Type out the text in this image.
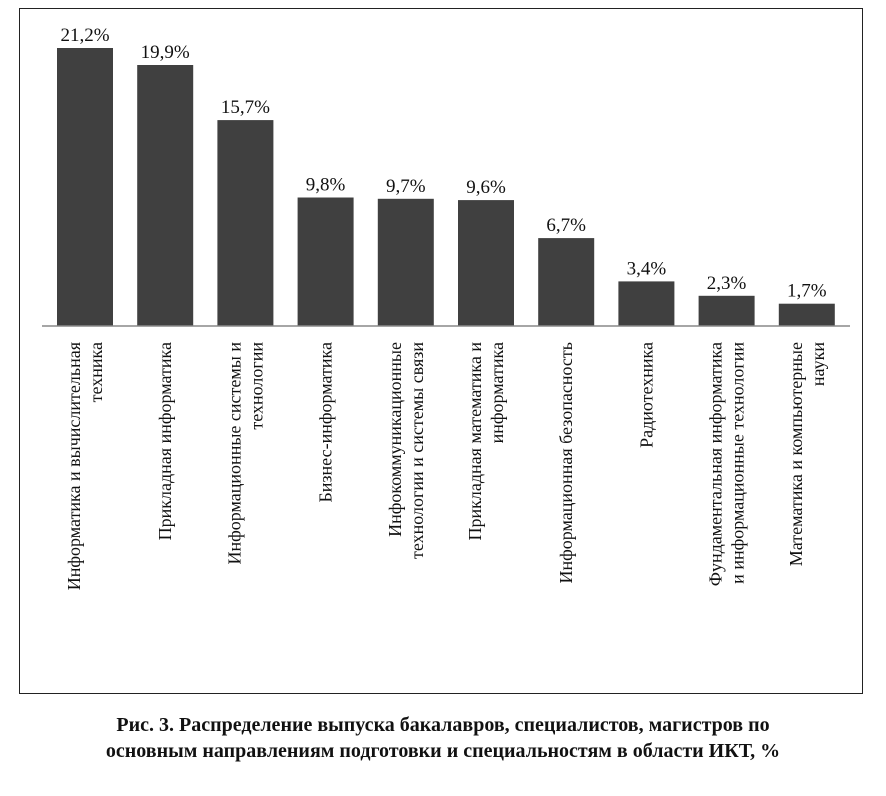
21,2%
Информатика и вычислительная техника
19,9%
Прикладная информатика
15,7%
Информационные системы и технологии
9,8%
Бизнес-информатика
9,7%
Инфокоммуникационные технологии и системы связи
9,6%
Прикладная математика и информатика
6,7%
Информационная безопасность
3,4%
Радиотехника
2,3%
Фундаментальная информатика и информационные технологии
1,7%
Математика и компьютерные науки
Рис. 3. Распределение выпуска бакалавров, специалистов, магистров по
основным направлениям подготовки и специальностям в области ИКТ, %
